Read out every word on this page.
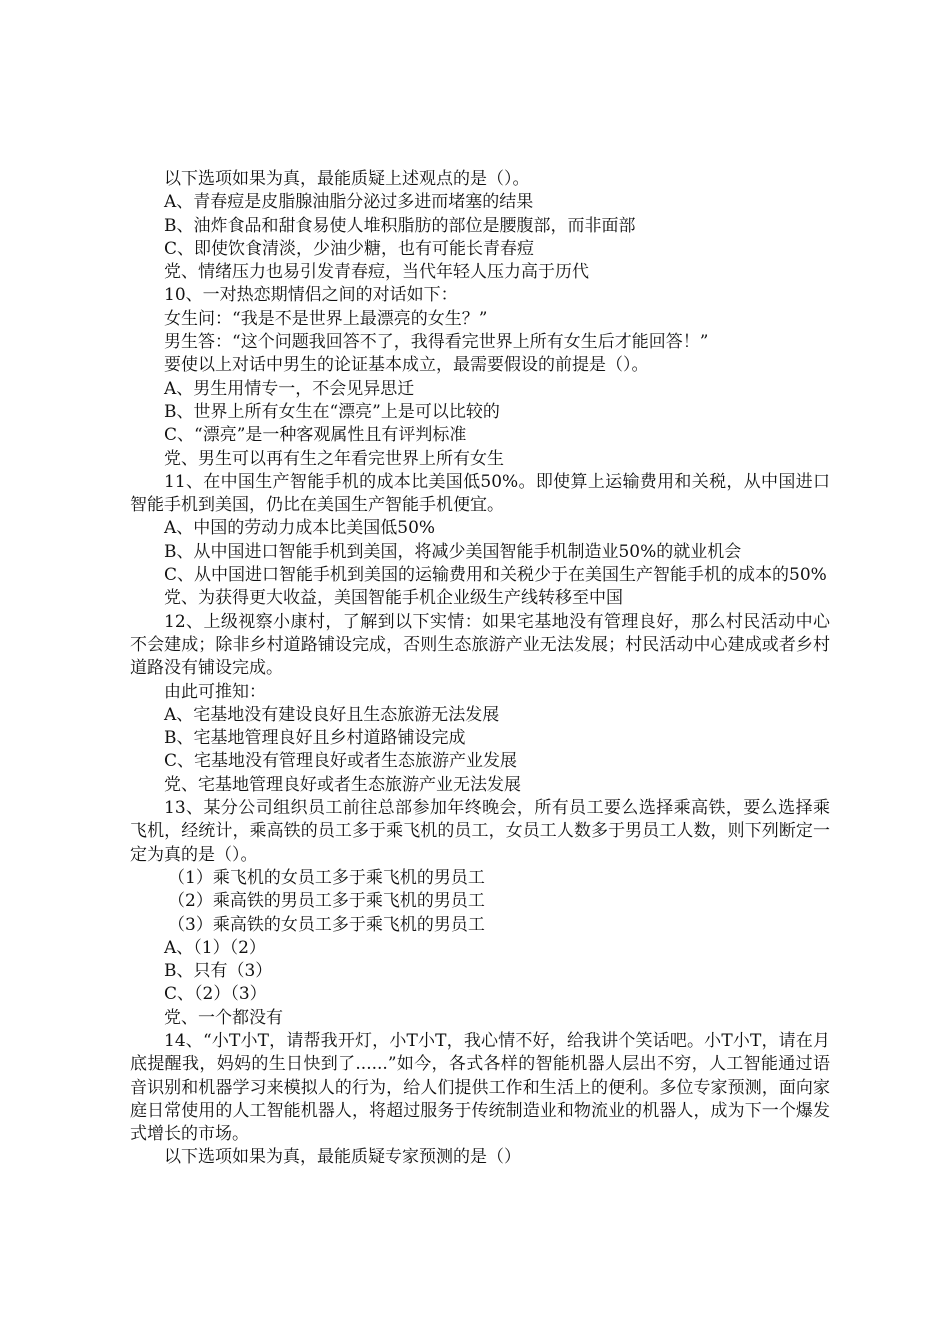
以下选项如果为真，最能质疑上述观点的是（）。

A、青春痘是皮脂腺油脂分泌过多进而堵塞的结果

B、油炸食品和甜食易使人堆积脂肪的部位是腰腹部，而非面部

C、即使饮食清淡，少油少糖，也有可能长青春痘

党、情绪压力也易引发青春痘，当代年轻人压力高于历代

10、一对热恋期情侣之间的对话如下：

女生问：“我是不是世界上最漂亮的女生？”

男生答：“这个问题我回答不了，我得看完世界上所有女生后才能回答！”

要使以上对话中男生的论证基本成立，最需要假设的前提是（）。

A、男生用情专一，不会见异思迁

B、世界上所有女生在“漂亮”上是可以比较的

C、“漂亮”是一种客观属性且有评判标准

党、男生可以再有生之年看完世界上所有女生

11、在中国生产智能手机的成本比美国低50%。即使算上运输费用和关税，从中国进口智能手机到美国，仍比在美国生产智能手机便宜。

A、中国的劳动力成本比美国低50%

B、从中国进口智能手机到美国，将减少美国智能手机制造业50%的就业机会

C、从中国进口智能手机到美国的运输费用和关税少于在美国生产智能手机的成本的50%

党、为获得更大收益，美国智能手机企业级生产线转移至中国

12、上级视察小康村，了解到以下实情：如果宅基地没有管理良好，那么村民活动中心不会建成；除非乡村道路铺设完成，否则生态旅游产业无法发展；村民活动中心建成或者乡村道路没有铺设完成。

由此可推知：

A、宅基地没有建设良好且生态旅游无法发展

B、宅基地管理良好且乡村道路铺设完成

C、宅基地没有管理良好或者生态旅游产业发展

党、宅基地管理良好或者生态旅游产业无法发展

13、某分公司组织员工前往总部参加年终晚会，所有员工要么选择乘高铁，要么选择乘飞机，经统计，乘高铁的员工多于乘飞机的员工，女员工人数多于男员工人数，则下列断定一定为真的是（）。

（1）乘飞机的女员工多于乘飞机的男员工

（2）乘高铁的男员工多于乘飞机的男员工

（3）乘高铁的女员工多于乘飞机的男员工

A、（1）（2）

B、只有（3）

C、（2）（3）

党、一个都没有

14、“小T小T，请帮我开灯，小T小T，我心情不好，给我讲个笑话吧。小T小T，请在月底提醒我，妈妈的生日快到了......”如今，各式各样的智能机器人层出不穷，人工智能通过语音识别和机器学习来模拟人的行为，给人们提供工作和生活上的便利。多位专家预测，面向家庭日常使用的人工智能机器人，将超过服务于传统制造业和物流业的机器人，成为下一个爆发式增长的市场。

以下选项如果为真，最能质疑专家预测的是（）
